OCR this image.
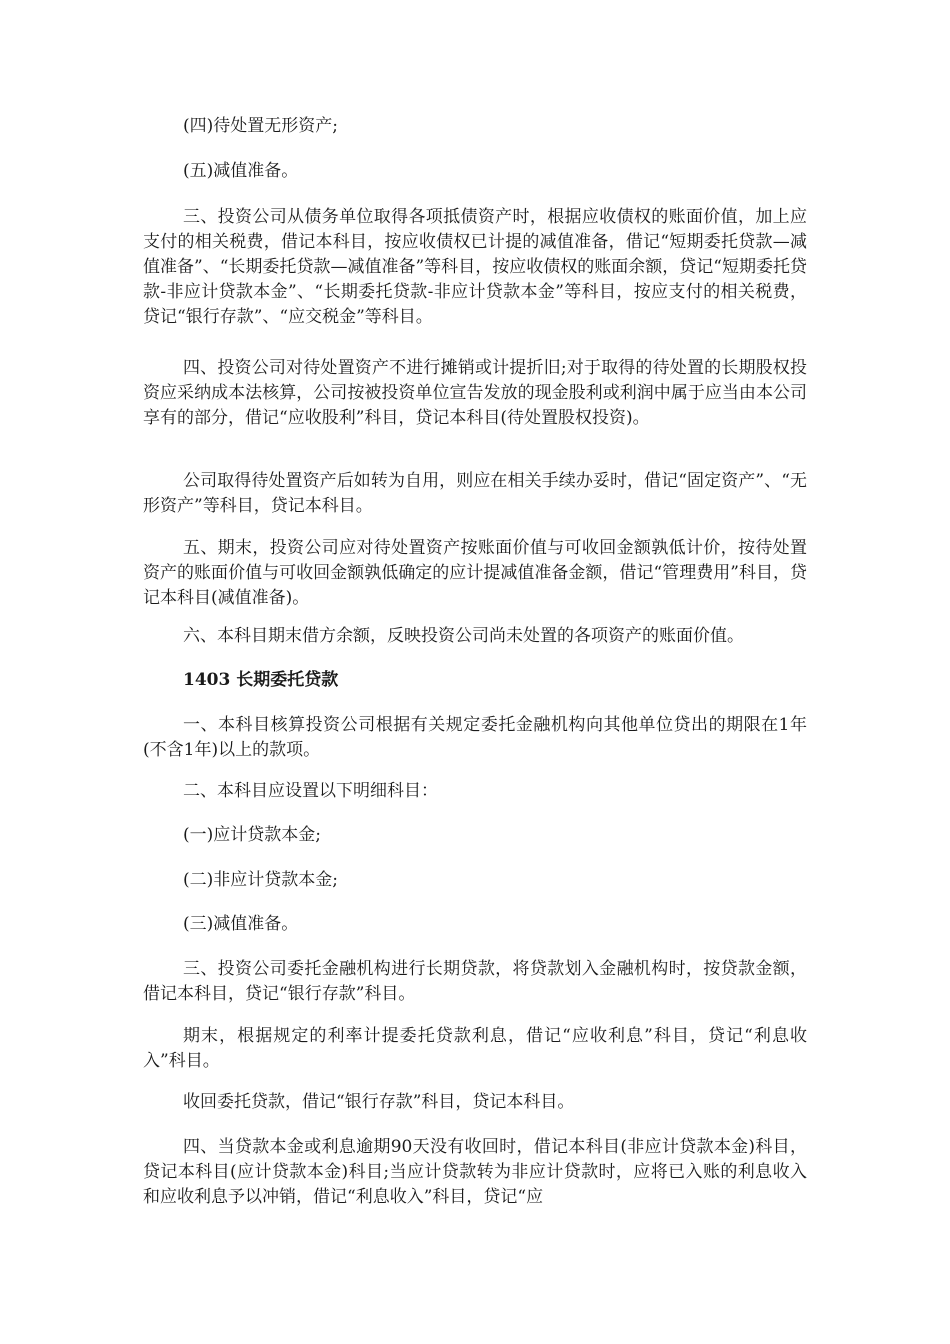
(四)待处置无形资产;

(五)减值准备。

三、投资公司从债务单位取得各项抵债资产时，根据应收债权的账面价值，加上应支付的相关税费，借记本科目，按应收债权已计提的减值准备，借记“短期委托贷款—减值准备”、“长期委托贷款—减值准备”等科目，按应收债权的账面余额，贷记“短期委托贷款-非应计贷款本金”、“长期委托贷款-非应计贷款本金”等科目，按应支付的相关税费，贷记“银行存款”、“应交税金”等科目。

四、投资公司对待处置资产不进行摊销或计提折旧;对于取得的待处置的长期股权投资应采纳成本法核算，公司按被投资单位宣告发放的现金股利或利润中属于应当由本公司享有的部分，借记“应收股利”科目，贷记本科目(待处置股权投资)。

公司取得待处置资产后如转为自用，则应在相关手续办妥时，借记“固定资产”、“无形资产”等科目，贷记本科目。

五、期末，投资公司应对待处置资产按账面价值与可收回金额孰低计价，按待处置资产的账面价值与可收回金额孰低确定的应计提减值准备金额，借记“管理费用”科目，贷记本科目(减值准备)。

六、本科目期末借方余额，反映投资公司尚未处置的各项资产的账面价值。

1403 长期委托贷款

一、本科目核算投资公司根据有关规定委托金融机构向其他单位贷出的期限在1年(不含1年)以上的款项。

二、本科目应设置以下明细科目：

(一)应计贷款本金;

(二)非应计贷款本金;

(三)减值准备。

三、投资公司委托金融机构进行长期贷款，将贷款划入金融机构时，按贷款金额，借记本科目，贷记“银行存款”科目。

期末，根据规定的利率计提委托贷款利息，借记“应收利息”科目，贷记“利息收入”科目。

收回委托贷款，借记“银行存款”科目，贷记本科目。

四、当贷款本金或利息逾期90天没有收回时，借记本科目(非应计贷款本金)科目，贷记本科目(应计贷款本金)科目;当应计贷款转为非应计贷款时，应将已入账的利息收入和应收利息予以冲销，借记“利息收入”科目，贷记“应
